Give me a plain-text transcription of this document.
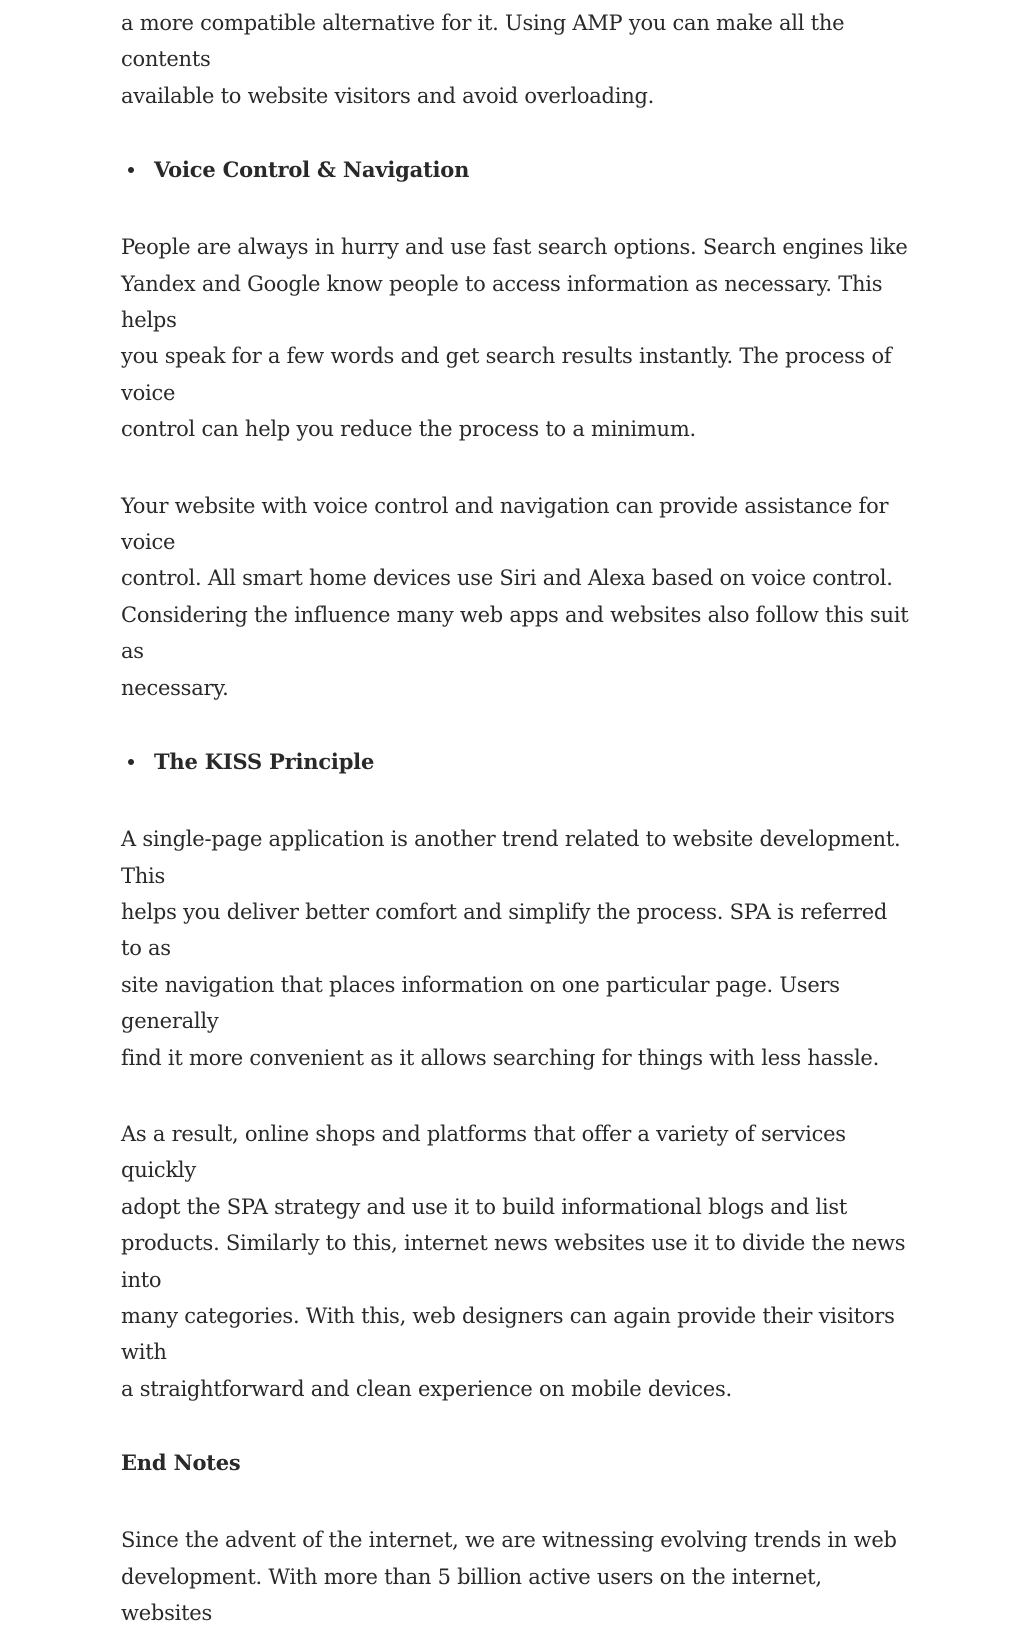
a more compatible alternative for it. Using AMP you can make all the contents
available to website visitors and avoid overloading.

Voice Control & Navigation

People are always in hurry and use fast search options. Search engines like
Yandex and Google know people to access information as necessary. This helps
you speak for a few words and get search results instantly. The process of voice
control can help you reduce the process to a minimum.

Your website with voice control and navigation can provide assistance for voice
control. All smart home devices use Siri and Alexa based on voice control.
Considering the influence many web apps and websites also follow this suit as
necessary.

The KISS Principle

A single-page application is another trend related to website development. This
helps you deliver better comfort and simplify the process. SPA is referred to as
site navigation that places information on one particular page. Users generally
find it more convenient as it allows searching for things with less hassle.

As a result, online shops and platforms that offer a variety of services quickly
adopt the SPA strategy and use it to build informational blogs and list
products. Similarly to this, internet news websites use it to divide the news into
many categories. With this, web designers can again provide their visitors with
a straightforward and clean experience on mobile devices.

End Notes

Since the advent of the internet, we are witnessing evolving trends in web
development. With more than 5 billion active users on the internet, websites
